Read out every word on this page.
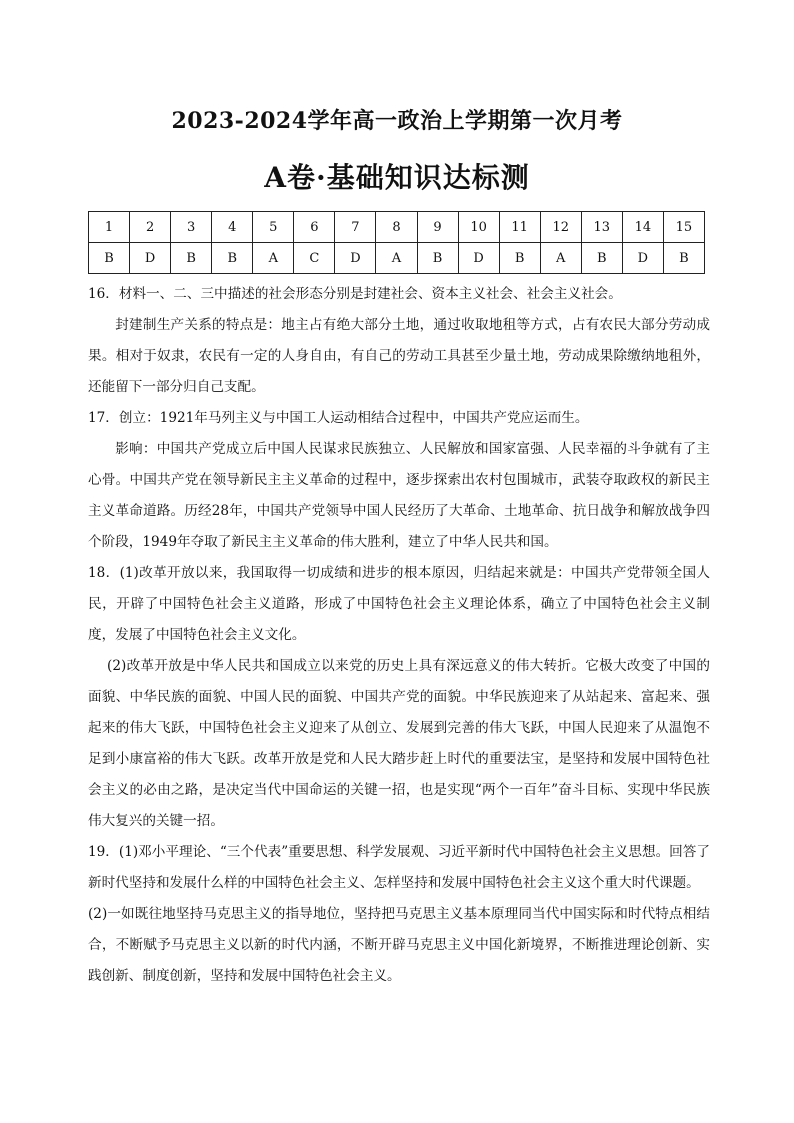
2023-2024学年高一政治上学期第一次月考
A卷·基础知识达标测
1	2	3	4	5	6	7	8	9	10	11	12	13	14	15
B	D	B	B	A	C	D	A	B	D	B	A	B	D	B

16．材料一、二、三中描述的社会形态分别是封建社会、资本主义社会、社会主义社会。

封建制生产关系的特点是：地主占有绝大部分土地，通过收取地租等方式，占有农民大部分劳动成果。相对于奴隶，农民有一定的人身自由，有自己的劳动工具甚至少量土地，劳动成果除缴纳地租外，还能留下一部分归自己支配。

17．创立：1921年马列主义与中国工人运动相结合过程中，中国共产党应运而生。

影响：中国共产党成立后中国人民谋求民族独立、人民解放和国家富强、人民幸福的斗争就有了主心骨。中国共产党在领导新民主主义革命的过程中，逐步探索出农村包围城市，武装夺取政权的新民主主义革命道路。历经28年，中国共产党领导中国人民经历了大革命、土地革命、抗日战争和解放战争四个阶段，1949年夺取了新民主主义革命的伟大胜利，建立了中华人民共和国。

18．(1)改革开放以来，我国取得一切成绩和进步的根本原因，归结起来就是：中国共产党带领全国人民，开辟了中国特色社会主义道路，形成了中国特色社会主义理论体系，确立了中国特色社会主义制度，发展了中国特色社会主义文化。

(2)改革开放是中华人民共和国成立以来党的历史上具有深远意义的伟大转折。它极大改变了中国的面貌、中华民族的面貌、中国人民的面貌、中国共产党的面貌。中华民族迎来了从站起来、富起来、强起来的伟大飞跃，中国特色社会主义迎来了从创立、发展到完善的伟大飞跃，中国人民迎来了从温饱不足到小康富裕的伟大飞跃。改革开放是党和人民大踏步赶上时代的重要法宝，是坚持和发展中国特色社会主义的必由之路，是决定当代中国命运的关键一招，也是实现“两个一百年”奋斗目标、实现中华民族伟大复兴的关键一招。

19．(1)邓小平理论、“三个代表”重要思想、科学发展观、习近平新时代中国特色社会主义思想。回答了新时代坚持和发展什么样的中国特色社会主义、怎样坚持和发展中国特色社会主义这个重大时代课题。

(2)一如既往地坚持马克思主义的指导地位，坚持把马克思主义基本原理同当代中国实际和时代特点相结合，不断赋予马克思主义以新的时代内涵，不断开辟马克思主义中国化新境界，不断推进理论创新、实践创新、制度创新，坚持和发展中国特色社会主义。
